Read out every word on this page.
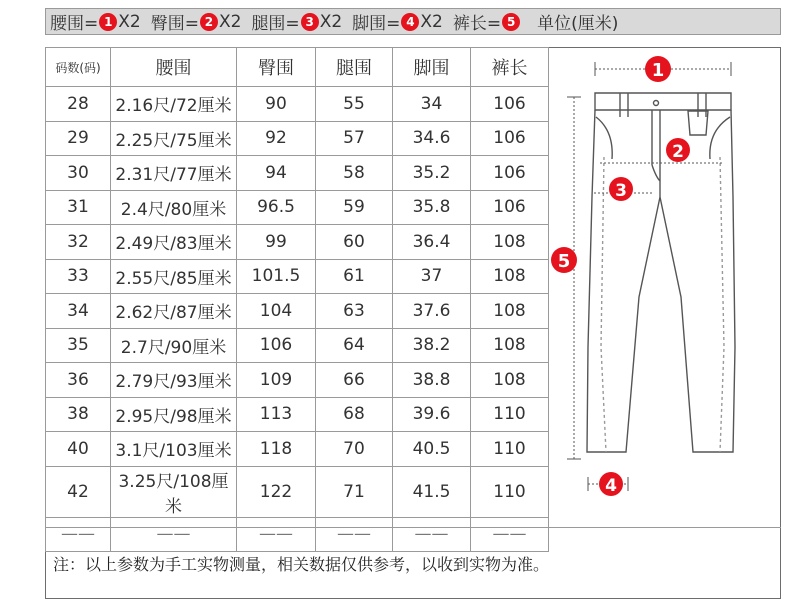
腰围= 1 X2 臀围= 2 X2 腿围= 3 X2 脚围= 4 X2 裤长= 5 单位(厘米)
码数(码)	腰围	臀围	腿围	脚围	裤长
28	2.16尺/72厘米	90	55	34	106
29	2.25尺/75厘米	92	57	34.6	106
30	2.31尺/77厘米	94	58	35.2	106
31	2.4尺/80厘米	96.5	59	35.8	106
32	2.49尺/83厘米	99	60	36.4	108
33	2.55尺/85厘米	101.5	61	37	108
34	2.62尺/87厘米	104	63	37.6	108
35	2.7尺/90厘米	106	64	38.2	108
36	2.79尺/93厘米	109	66	38.8	108
38	2.95尺/98厘米	113	68	39.6	110
40	3.1尺/103厘米	118	70	40.5	110
42	3.25尺/108厘米	122	71	41.5	110
——	——	——	——	——	——
1
2
3
4
5
注：以上参数为手工实物测量，相关数据仅供参考，以收到实物为准。
